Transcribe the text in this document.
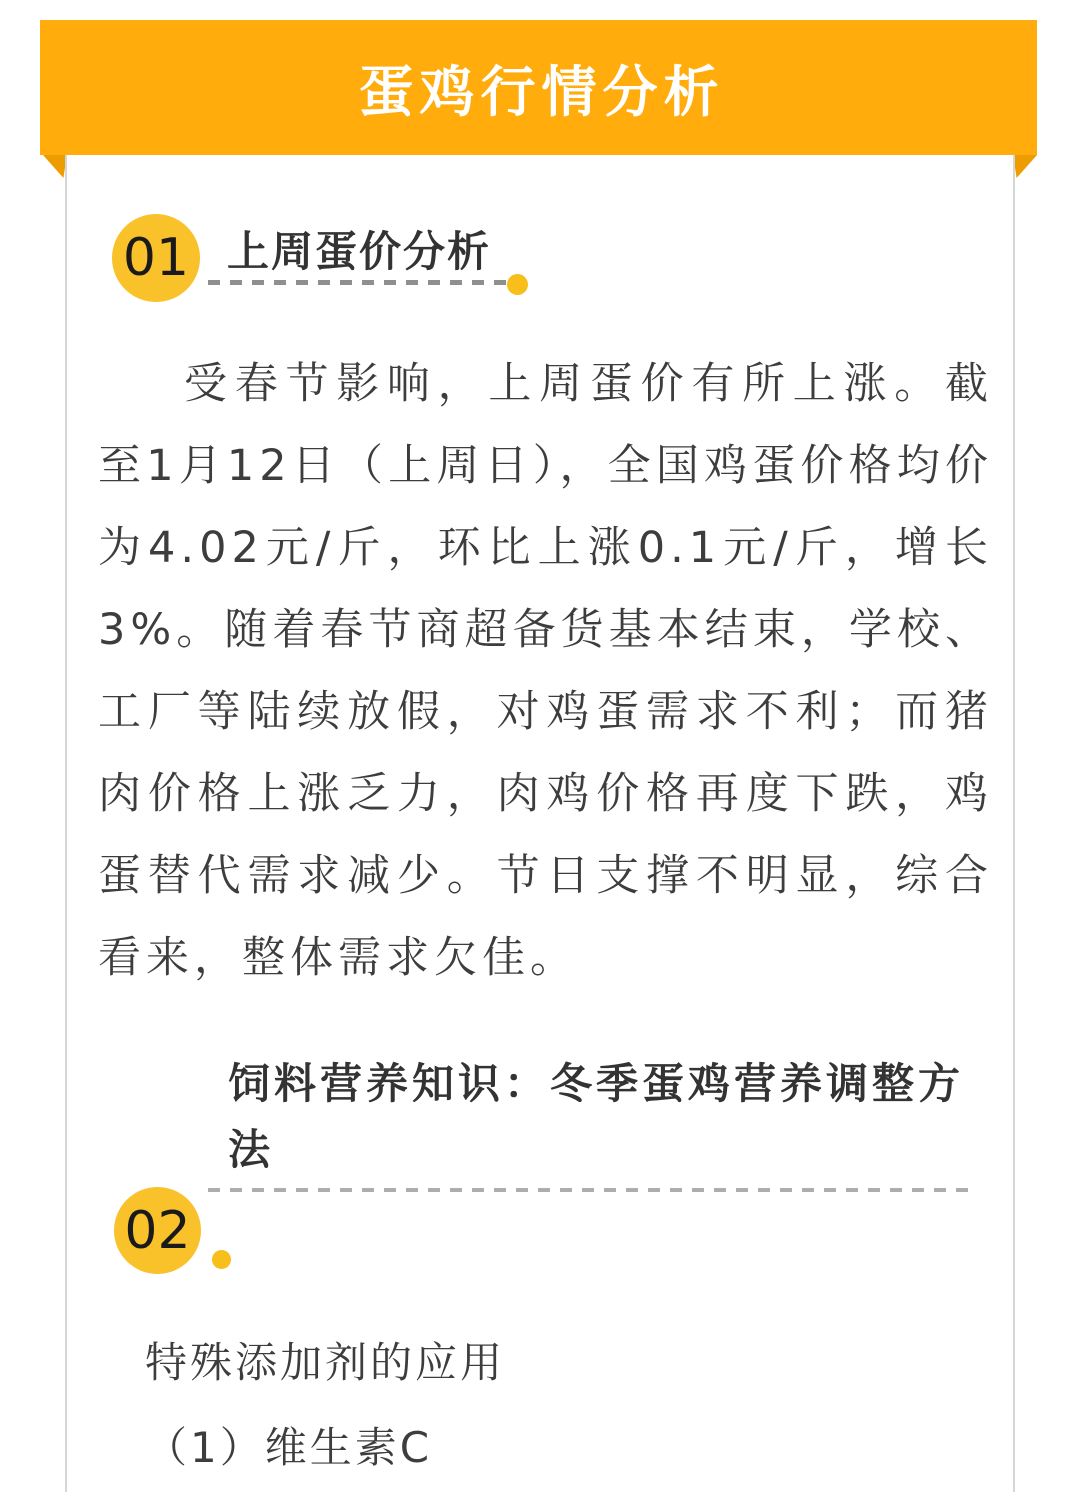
蛋鸡行情分析
01 上周蛋价分析
受春节影响，上周蛋价有所上涨。截至1月12日（上周日），全国鸡蛋价格均价为4.02元/斤，环比上涨0.1元/斤，增长3%。随着春节商超备货基本结束，学校、工厂等陆续放假，对鸡蛋需求不利；而猪肉价格上涨乏力，肉鸡价格再度下跌，鸡蛋替代需求减少。节日支撑不明显，综合看来，整体需求欠佳。
饲料营养知识：冬季蛋鸡营养调整方法
02
特殊添加剂的应用
（1）维生素C
